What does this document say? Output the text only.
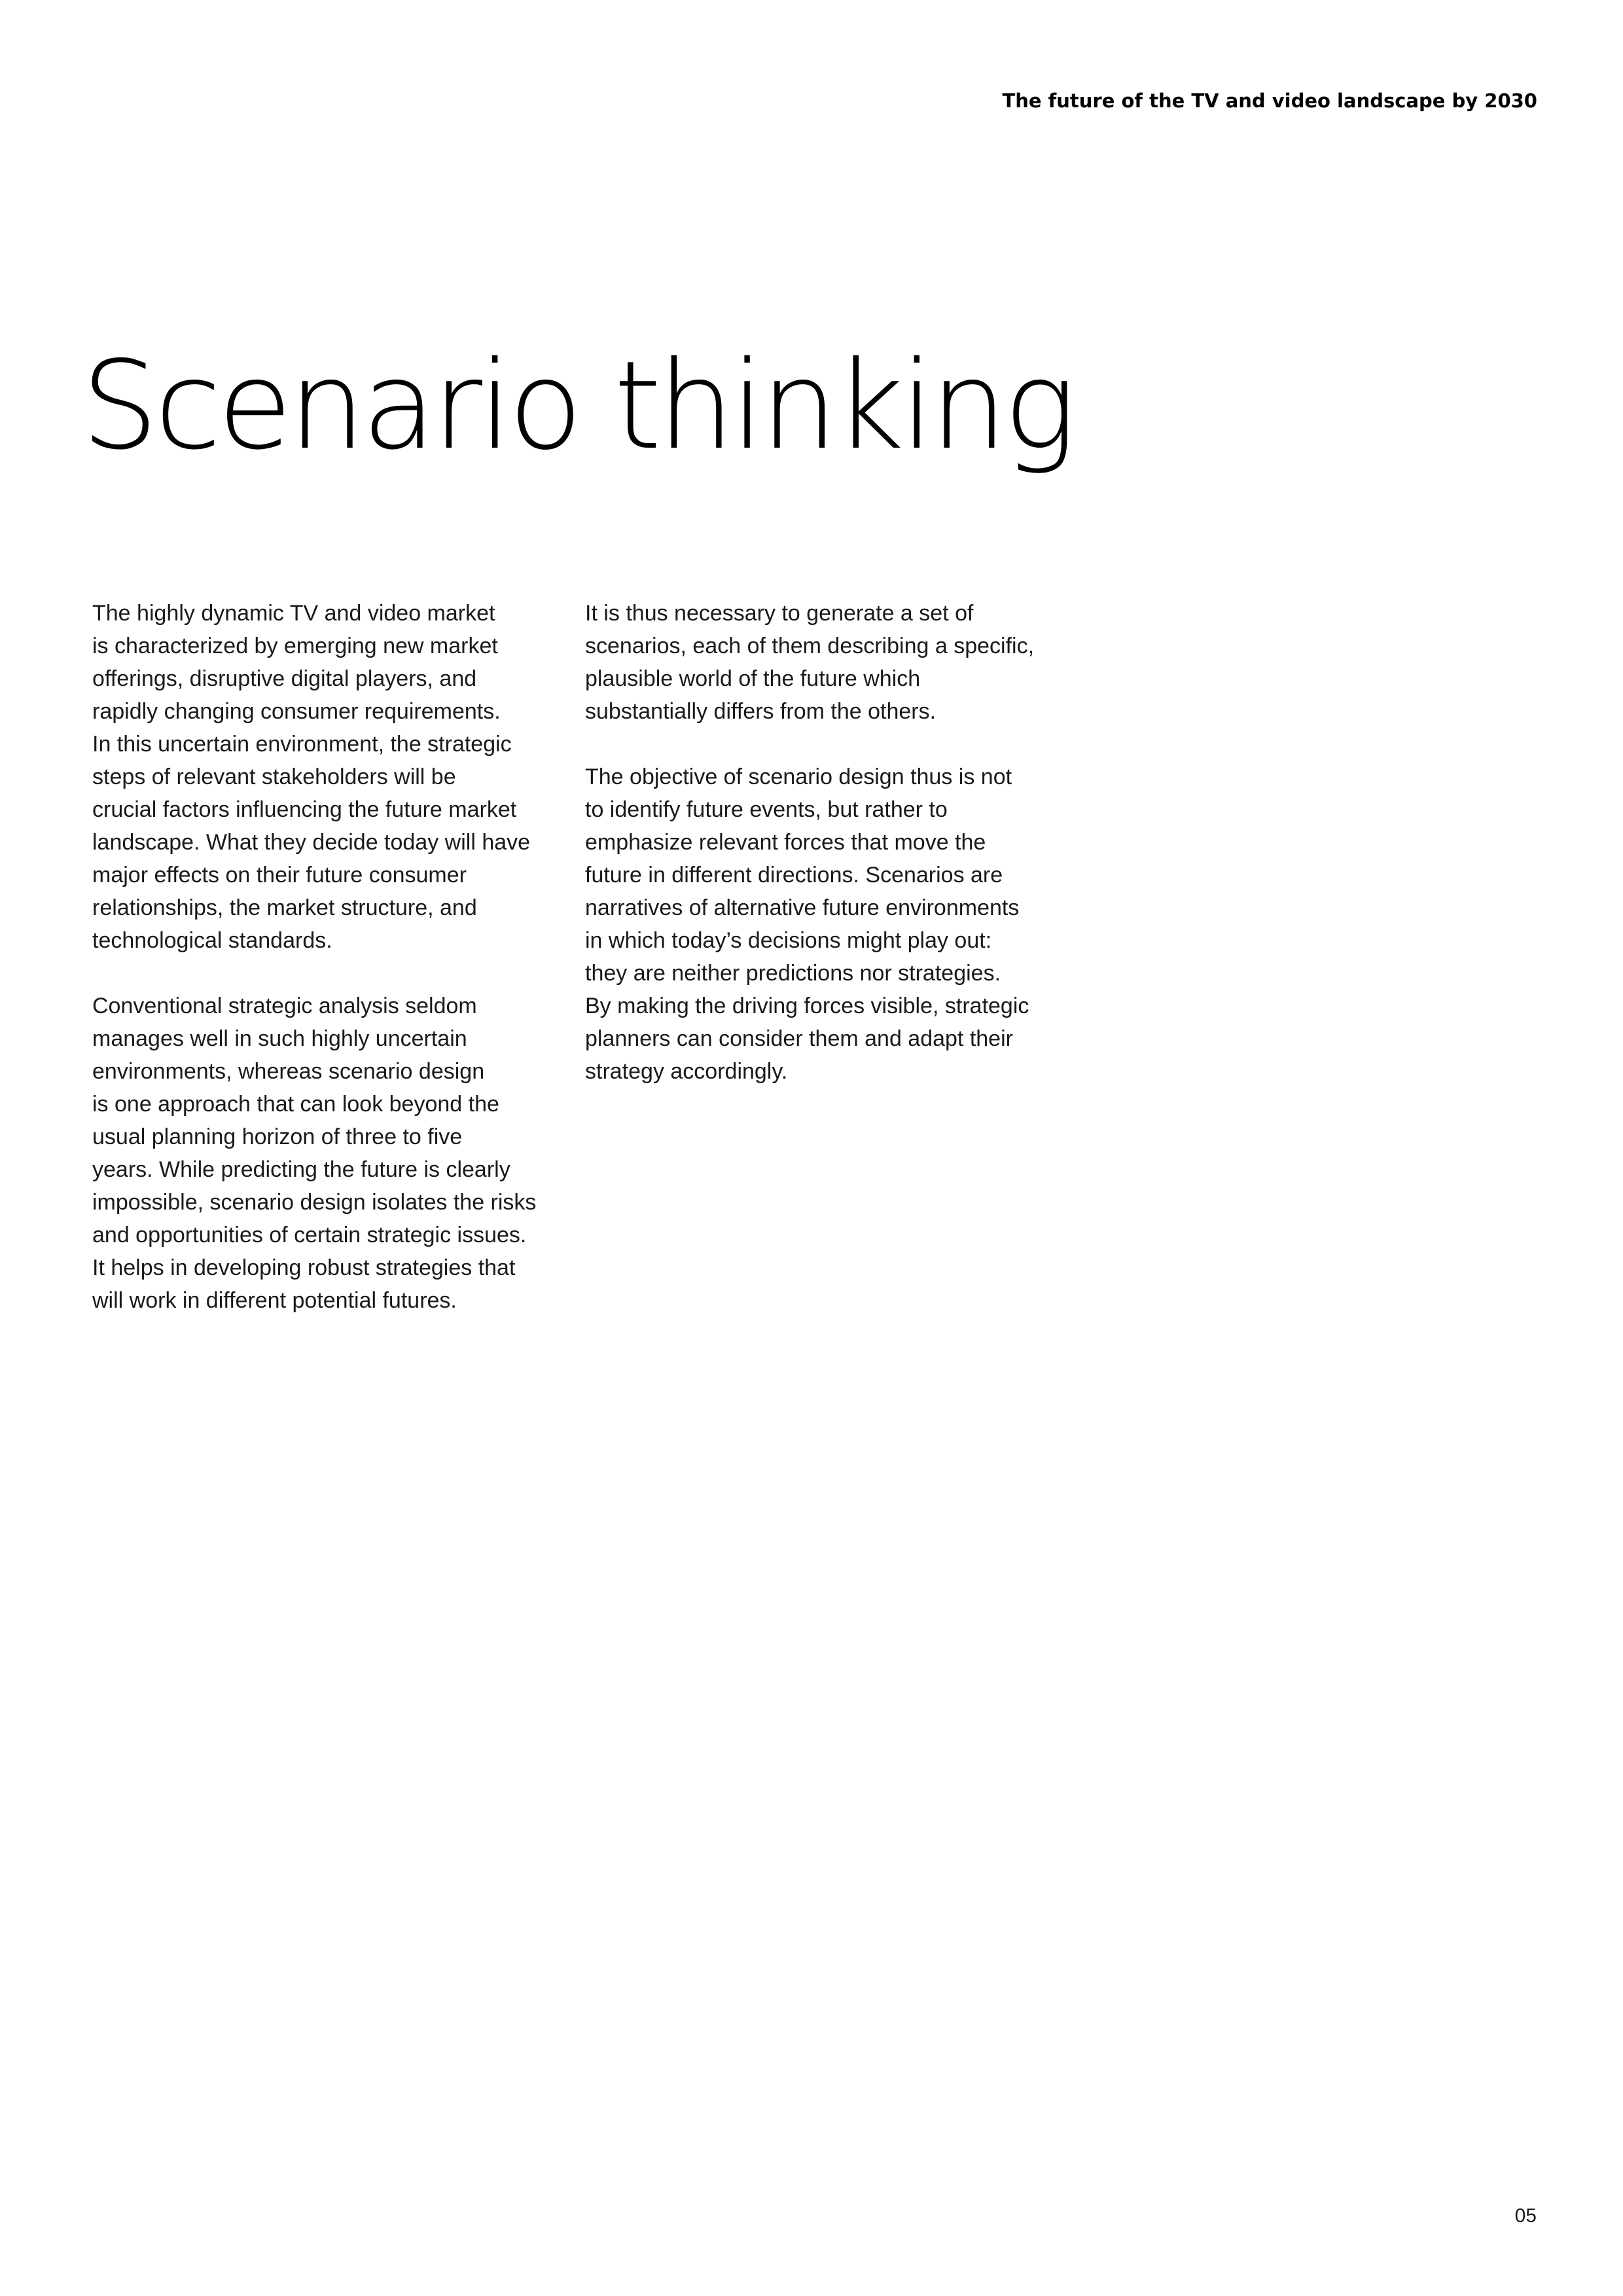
The future of the TV and video landscape by 2030
Scenario thinking

The highly dynamic TV and video market
is characterized by emerging new market
offerings, disruptive digital players, and
rapidly changing consumer requirements.
In this uncertain environment, the strategic
steps of relevant stakeholders will be
crucial factors influencing the future market
landscape. What they decide today will have
major effects on their future consumer
relationships, the market structure, and
technological standards.

Conventional strategic analysis seldom
manages well in such highly uncertain
environments, whereas scenario design
is one approach that can look beyond the
usual planning horizon of three to five
years. While predicting the future is clearly
impossible, scenario design isolates the risks
and opportunities of certain strategic issues.
It helps in developing robust strategies that
will work in different potential futures.

It is thus necessary to generate a set of
scenarios, each of them describing a specific,
plausible world of the future which
substantially differs from the others.

The objective of scenario design thus is not
to identify future events, but rather to
emphasize relevant forces that move the
future in different directions. Scenarios are
narratives of alternative future environments
in which today’s decisions might play out:
they are neither predictions nor strategies.
By making the driving forces visible, strategic
planners can consider them and adapt their
strategy accordingly.

05
